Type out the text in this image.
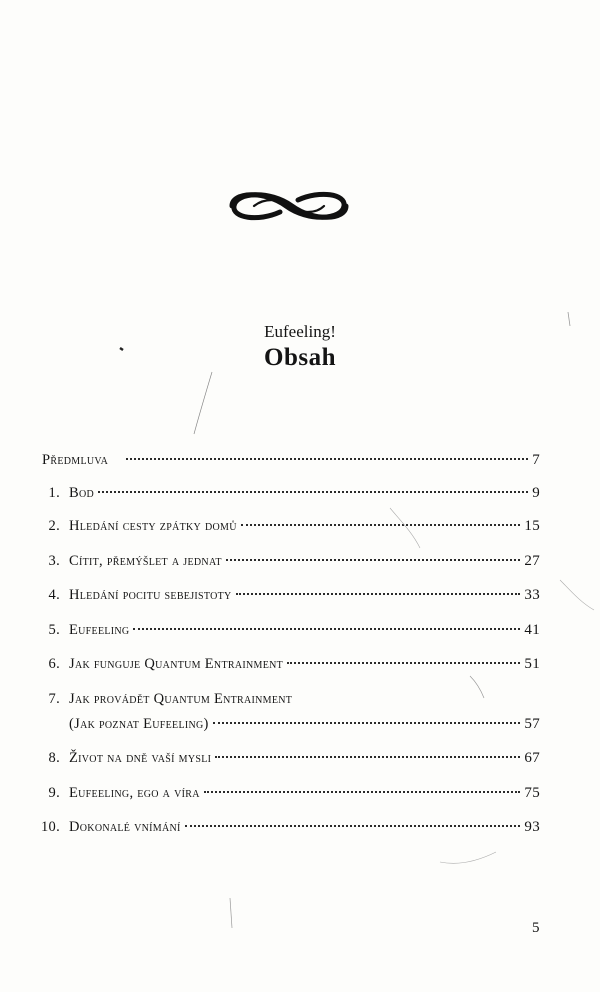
Eufeeling!
Obsah
Předmluva	7
1. Bod	9
2. Hledání cesty zpátky domů	15
3. Cítit, přemýšlet a jednat	27
4. Hledání pocitu sebejistoty	33
5. Eufeeling	41
6. Jak funguje Quantum Entrainment	51
7. Jak provádět Quantum Entrainment
(Jak poznat Eufeeling)	57
8. Život na dně vaší mysli	67
9. Eufeeling, ego a víra	75
10. Dokonalé vnímání	93
5
